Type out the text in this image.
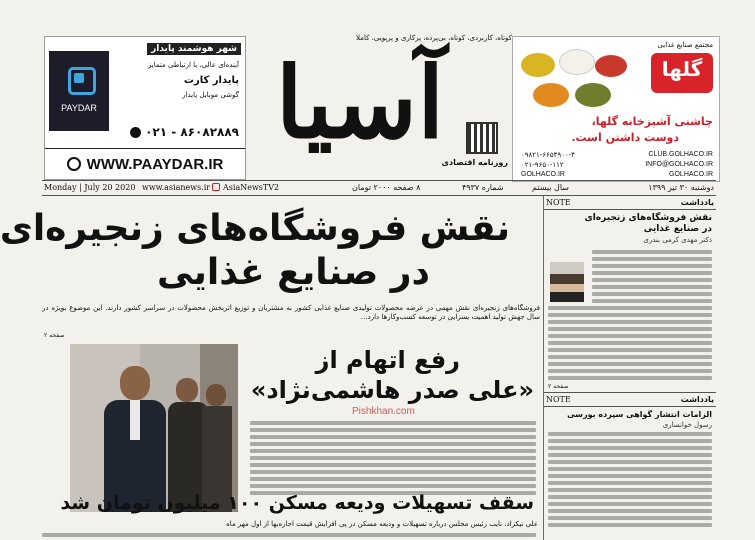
PAYDAR
شهر هوشمند پایدار
آینده‌ای عالی، با ارتباطی متمایز
پایدار کارت
گوشی موبایل پایدار
۰۲۱ - ۸۶۰۸۲۸۸۹
WWW.PAAYDAR.IR
کوتاه، کاربردی، کوتاه، بی‌پرده، پرکاری و پرپویی، کاملا
آسیا
روزنامه اقتصادی
مجتمع صنایع غذایی
گلها
چاشنی آشپزخانه گلها،
دوست داشتن است.
۰۹۸۲۱-۶۶۵۴۹۰۰-۴
۰۲۱-۹۶۵۰-۱۱۲
CLUB.GOLHACO.IR
INFO@GOLHACO.IR
GOLHACO.IR
GOLHACO.IR
Monday | July 20 2020 www.asianews.ir AsiaNewsTV2	۸ صفحه ۲۰۰۰ تومان	شماره ۴۹۳۷	سال بیستم	دوشنبه ۳۰ تیر ۱۳۹۹
NOTE	یادداشت
نقش فروشگاه‌های زنجیره‌ای
در صنایع غذایی
دکتر مهدی کرمی بندری
صفحه ۲
NOTE	یادداشت
الزامات انتشار گواهی سپرده بورسی
رسول خوانساری
نقش فروشگاه‌های زنجیره‌ای
در صنایع غذایی
فروشگاه‌های زنجیره‌ای نقش مهمی در عرضه محصولات تولیدی صنایع غذایی کشور به مشتریان و توزیع اثربخش محصولات در سراسر کشور دارند. این موضوع بویژه در سال جهش تولید اهمیت بسزایی در توسعه کسب‌وکارها دارد...
صفحه ۲
رفع اتهام از
«علی صدر هاشمی‌نژاد»
Pishkhan.com
سقف تسهیلات ودیعه مسکن ۱۰۰ میلیون تومان شد
علی نیکزاد، نایب رئیس مجلس درباره تسهیلات و ودیعه مسکن در پی افزایش قیمت اجاره‌بها از اول مهر ماه
